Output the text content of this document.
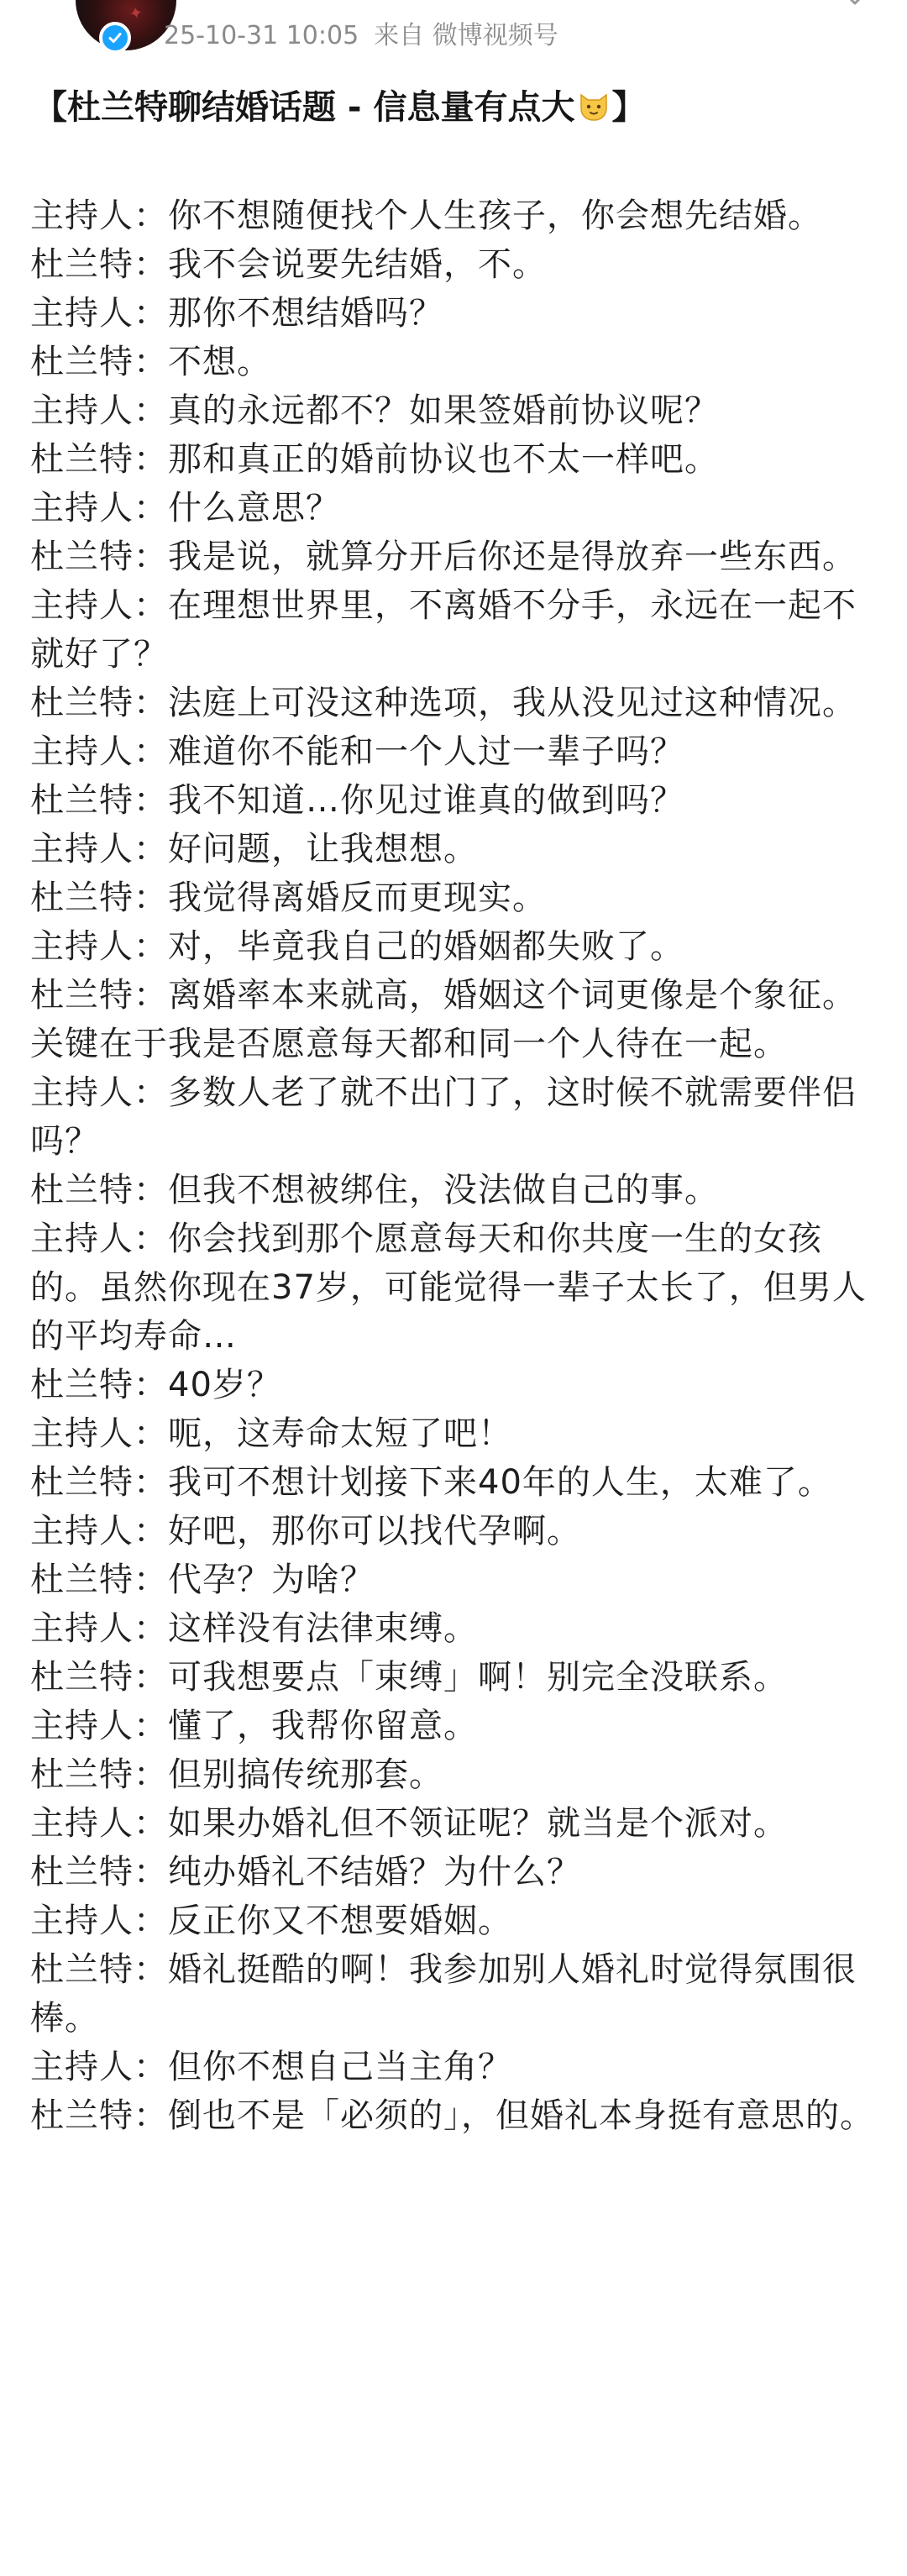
✦
25-10-31 10:05 来自 微博视频号
【杜兰特聊结婚话题 - 信息量有点大 】

主持人：你不想随便找个人生孩子，你会想先结婚。

杜兰特：我不会说要先结婚，不。

主持人：那你不想结婚吗？

杜兰特：不想。

主持人：真的永远都不？如果签婚前协议呢？

杜兰特：那和真正的婚前协议也不太一样吧。

主持人：什么意思？

杜兰特：我是说，就算分开后你还是得放弃一些东西。

主持人：在理想世界里，不离婚不分手，永远在一起不就好了？

杜兰特：法庭上可没这种选项，我从没见过这种情况。

主持人：难道你不能和一个人过一辈子吗？

杜兰特：我不知道…你见过谁真的做到吗？

主持人：好问题，让我想想。

杜兰特：我觉得离婚反而更现实。

主持人：对，毕竟我自己的婚姻都失败了。

杜兰特：离婚率本来就高，婚姻这个词更像是个象征。关键在于我是否愿意每天都和同一个人待在一起。

主持人：多数人老了就不出门了，这时候不就需要伴侣吗？

杜兰特：但我不想被绑住，没法做自己的事。

主持人：你会找到那个愿意每天和你共度一生的女孩的。虽然你现在37岁，可能觉得一辈子太长了，但男人的平均寿命…

杜兰特：40岁？

主持人：呃，这寿命太短了吧！

杜兰特：我可不想计划接下来40年的人生，太难了。

主持人：好吧，那你可以找代孕啊。

杜兰特：代孕？为啥？

主持人：这样没有法律束缚。

杜兰特：可我想要点「束缚」啊！别完全没联系。

主持人：懂了，我帮你留意。

杜兰特：但别搞传统那套。

主持人：如果办婚礼但不领证呢？就当是个派对。

杜兰特：纯办婚礼不结婚？为什么？

主持人：反正你又不想要婚姻。

杜兰特：婚礼挺酷的啊！我参加别人婚礼时觉得氛围很棒。

主持人：但你不想自己当主角？

杜兰特：倒也不是「必须的」，但婚礼本身挺有意思的。
